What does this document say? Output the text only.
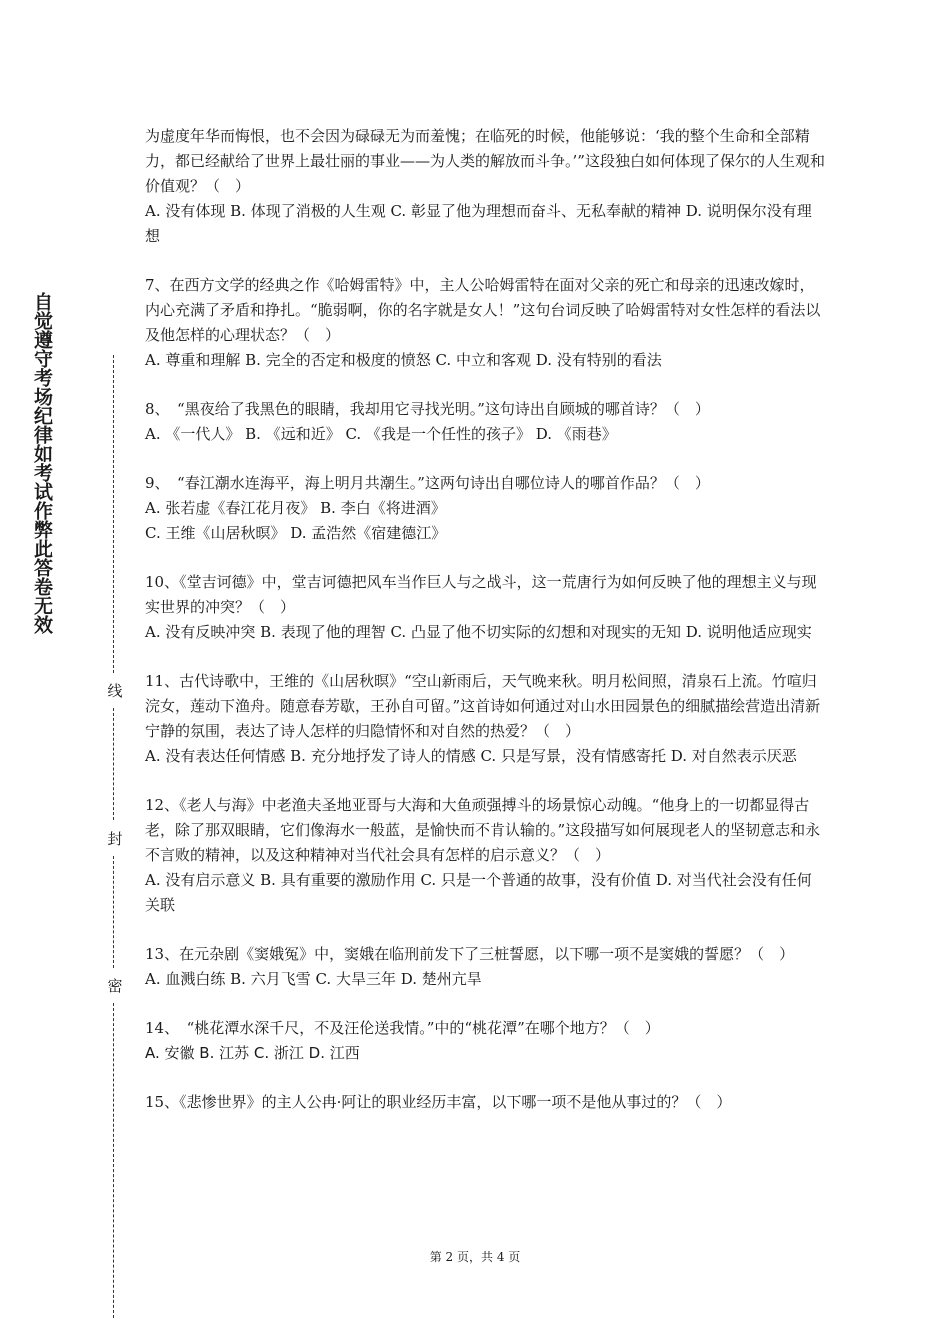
自觉遵守考场纪律如考试作弊此答卷无效
线
封
密

为虚度年华而悔恨，也不会因为碌碌无为而羞愧；在临死的时候，他能够说：‘我的整个生命和全部精力，都已经献给了世界上最壮丽的事业——为人类的解放而斗争。’”这段独白如何体现了保尔的人生观和价值观？（　）

A. 没有体现 B. 体现了消极的人生观 C. 彰显了他为理想而奋斗、无私奉献的精神 D. 说明保尔没有理想

7、在西方文学的经典之作《哈姆雷特》中，主人公哈姆雷特在面对父亲的死亡和母亲的迅速改嫁时，内心充满了矛盾和挣扎。“脆弱啊，你的名字就是女人！”这句台词反映了哈姆雷特对女性怎样的看法以及他怎样的心理状态？（　）

A. 尊重和理解 B. 完全的否定和极度的愤怒 C. 中立和客观 D. 没有特别的看法

8、　“黑夜给了我黑色的眼睛，我却用它寻找光明。”这句诗出自顾城的哪首诗？（　）

A. 《一代人》 B. 《远和近》 C. 《我是一个任性的孩子》 D. 《雨巷》

9、　“春江潮水连海平，海上明月共潮生。”这两句诗出自哪位诗人的哪首作品？（　）

A. 张若虚《春江花月夜》 B. 李白《将进酒》

C. 王维《山居秋暝》 D. 孟浩然《宿建德江》

10、《堂吉诃德》中，堂吉诃德把风车当作巨人与之战斗，这一荒唐行为如何反映了他的理想主义与现实世界的冲突？（　）

A. 没有反映冲突 B. 表现了他的理智 C. 凸显了他不切实际的幻想和对现实的无知 D. 说明他适应现实

11、古代诗歌中，王维的《山居秋暝》“空山新雨后，天气晚来秋。明月松间照，清泉石上流。竹喧归浣女，莲动下渔舟。随意春芳歇，王孙自可留。”这首诗如何通过对山水田园景色的细腻描绘营造出清新宁静的氛围，表达了诗人怎样的归隐情怀和对自然的热爱？（　）

A. 没有表达任何情感 B. 充分地抒发了诗人的情感 C. 只是写景，没有情感寄托 D. 对自然表示厌恶

12、《老人与海》中老渔夫圣地亚哥与大海和大鱼顽强搏斗的场景惊心动魄。“他身上的一切都显得古老，除了那双眼睛，它们像海水一般蓝，是愉快而不肯认输的。”这段描写如何展现老人的坚韧意志和永不言败的精神，以及这种精神对当代社会具有怎样的启示意义？（　）

A. 没有启示意义 B. 具有重要的激励作用 C. 只是一个普通的故事，没有价值 D. 对当代社会没有任何关联

13、在元杂剧《窦娥冤》中，窦娥在临刑前发下了三桩誓愿，以下哪一项不是窦娥的誓愿？（　）

A. 血溅白练 B. 六月飞雪 C. 大旱三年 D. 楚州亢旱

14、　“桃花潭水深千尺，不及汪伦送我情。”中的“桃花潭”在哪个地方？（　）

A. 安徽 B. 江苏 C. 浙江 D. 江西

15、《悲惨世界》的主人公冉·阿让的职业经历丰富，以下哪一项不是他从事过的？（　）

第 2 页，共 4 页
